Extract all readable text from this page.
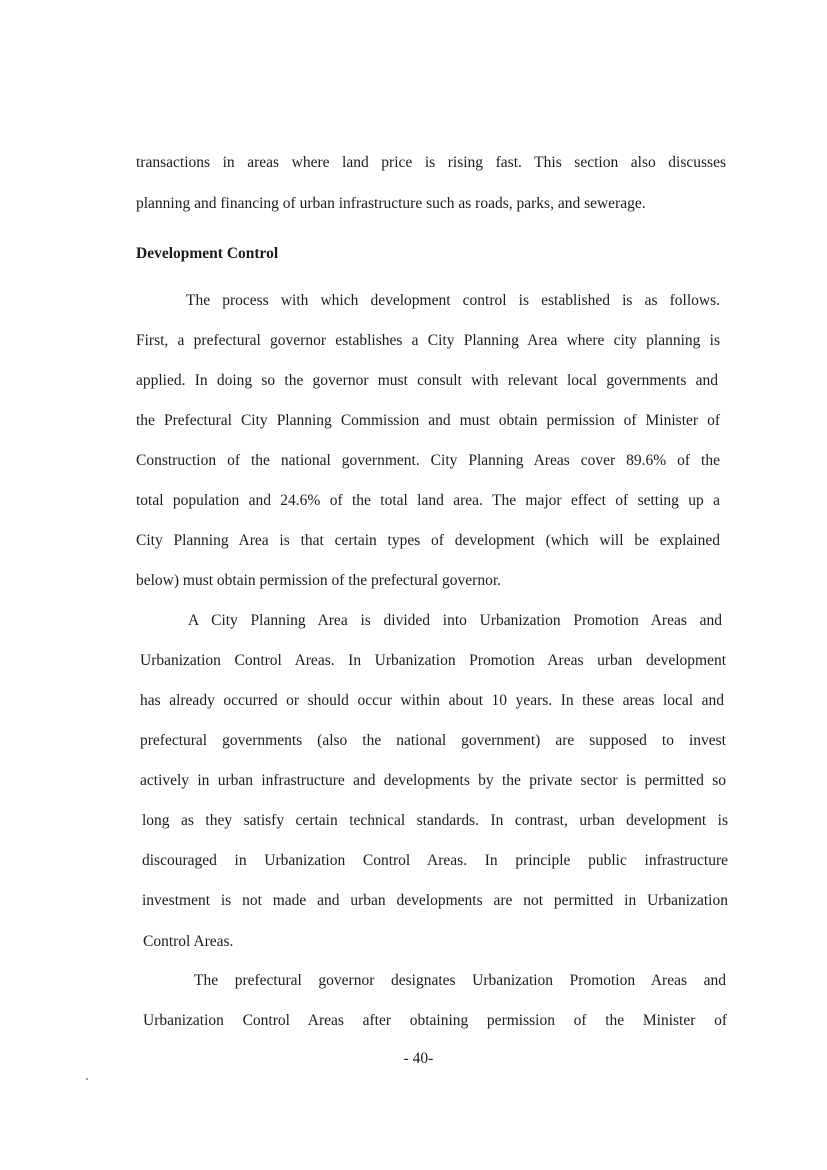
transactions in areas where land price is rising fast. This section also discusses
planning and financing of urban infrastructure such as roads, parks, and sewerage.
Development Control
The process with which development control is established is as follows.
First, a prefectural governor establishes a City Planning Area where city planning is
applied. In doing so the governor must consult with relevant local governments and
the Prefectural City Planning Commission and must obtain permission of Minister of
Construction of the national government. City Planning Areas cover 89.6% of the
total population and 24.6% of the total land area. The major effect of setting up a
City Planning Area is that certain types of development (which will be explained
below) must obtain permission of the prefectural governor.
A City Planning Area is divided into Urbanization Promotion Areas and
Urbanization Control Areas. In Urbanization Promotion Areas urban development
has already occurred or should occur within about 10 years. In these areas local and
prefectural governments (also the national government) are supposed to invest
actively in urban infrastructure and developments by the private sector is permitted so
long as they satisfy certain technical standards. In contrast, urban development is
discouraged in Urbanization Control Areas. In principle public infrastructure
investment is not made and urban developments are not permitted in Urbanization
Control Areas.
The prefectural governor designates Urbanization Promotion Areas and
Urbanization Control Areas after obtaining permission of the Minister of
- 40-
